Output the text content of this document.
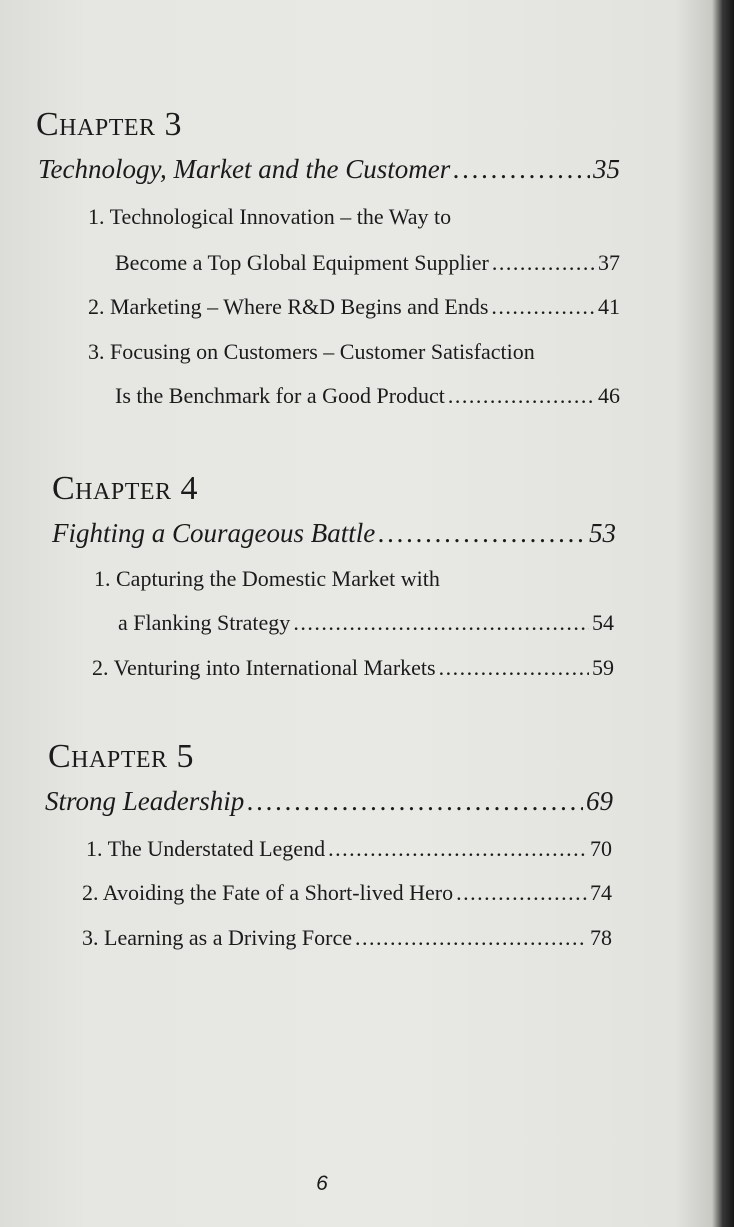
Chapter 3
Technology, Market and the Customer . . .	35

1. Technological Innovation – the Way to

Become a Top Global Equipment Supplier . . .	37
2. Marketing – Where R&D Begins and Ends . . .	41

3. Focusing on Customers – Customer Satisfaction

Is the Benchmark for a Good Product . . .	46
Chapter 4
Fighting a Courageous Battle . . .	53

1. Capturing the Domestic Market with

a Flanking Strategy . . .	54
2. Venturing into International Markets . . .	59
Chapter 5
Strong Leadership . . .	69
1. The Understated Legend . . .	70
2. Avoiding the Fate of a Short-lived Hero . . .	74
3. Learning as a Driving Force . . .	78
6
